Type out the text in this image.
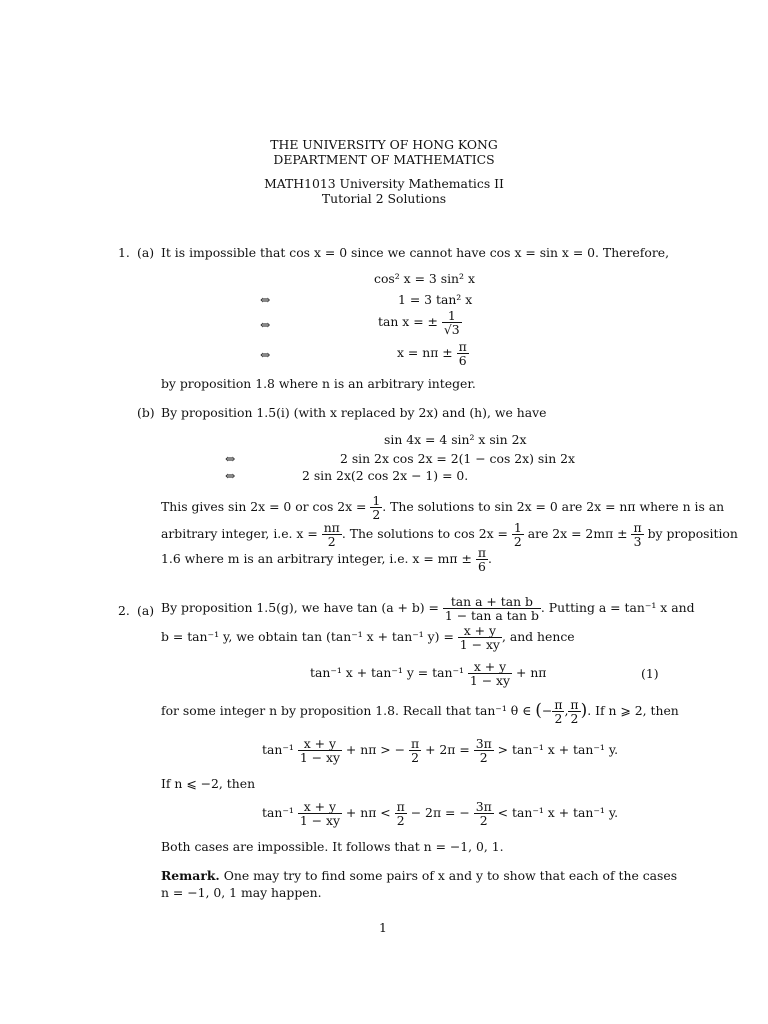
THE UNIVERSITY OF HONG KONG
DEPARTMENT OF MATHEMATICS
MATH1013 University Mathematics II
Tutorial 2 Solutions
1. (a) It is impossible that cos x = 0 since we cannot have cos x = sin x = 0. Therefore,
cos² x = 3 sin² x
⇔	1 = 3 tan² x
⇔	tan x = ± $\frac{1}{√3}$
⇔	$x = n\pi \pm \frac{\pi}{6}$
by proposition 1.8 where n is an arbitrary integer.
(b) By proposition 1.5(i) (with x replaced by 2x) and (h), we have
sin 4x = 4 sin² x sin 2x
⇔	2 sin 2x cos 2x = 2(1 − cos 2x) sin 2x
⇔	2 sin 2x(2 cos 2x − 1) = 0.
This gives sin 2x = 0 or $\cos 2x = \frac{1}{2}$ . The solutions to sin 2x = 0 are 2x = nπ where n is an
arbitrary integer, i.e. $x = \frac{n\pi}{2}$ . The solutions to $\cos 2x = \frac{1}{2}$ are $2x = 2m\pi \pm \frac{\pi}{3}$ by proposition
1.6 where m is an arbitrary integer, i.e. $x = m\pi \pm \frac{\pi}{6}$ .
2. (a) By proposition 1.5(g), we have $\tan (a + b) = \frac{\text{tan a + tan b}}{\text{1 − tan a tan b}}$ . Putting a = tan⁻¹ x and
b = tan⁻¹ y, we obtain tan (tan⁻¹ x + tan⁻¹ $y) = \frac{x + y}{1 - xy}$ , and hence
tan⁻¹ x + tan⁻¹ $y = \tan^{-1} \frac{x + y}{1 - xy} + n\pi$	(1)
for some integer n by proposition 1.8. Recall that tan⁻¹ θ ∈ (− $\frac{\pi}{2}$ , $\frac{\pi}{2}$ ). If n ⩾ 2, then
$\tan^{-1} \frac{x + y}{1 - xy} + n\pi$ > − $\frac{\pi}{2} + 2\pi = \frac{3\pi}{2} > \tan^{-1}$ x + tan⁻¹ y.
If n ⩽ −2, then
$\tan^{-1} \frac{x + y}{1 - xy} + n\pi < \frac{\pi}{2} - 2\pi$ = − $\frac{3\pi}{2} < \tan^{-1}$ x + tan⁻¹ y.
Both cases are impossible. It follows that n = −1, 0, 1.
Remark. One may try to find some pairs of x and y to show that each of the cases
n = −1, 0, 1 may happen.
1
